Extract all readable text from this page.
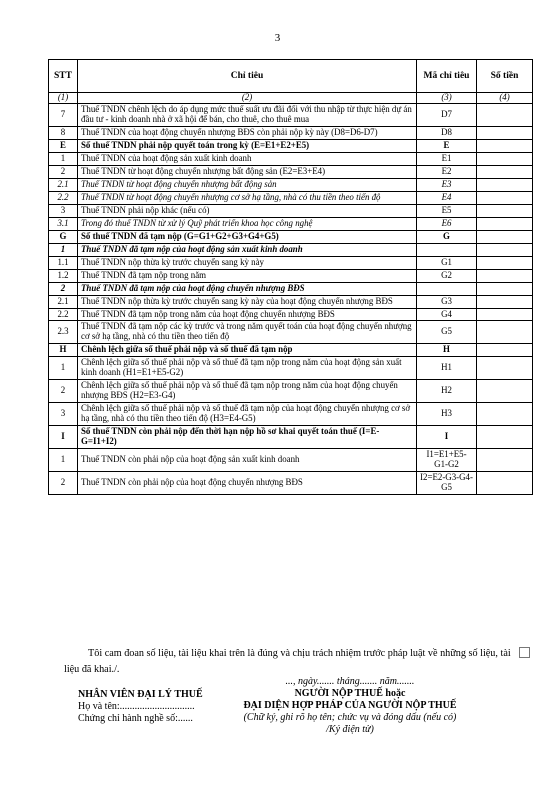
3
STT	Chỉ tiêu	Mã chỉ tiêu	Số tiền
(1)	(2)	(3)	(4)
7	Thuế TNDN chênh lệch do áp dụng mức thuế suất ưu đãi đối với thu nhập từ thực hiện dự án đầu tư - kinh doanh nhà ở xã hội để bán, cho thuê, cho thuê mua	D7	
8	Thuế TNDN của hoạt động chuyển nhượng BĐS còn phải nộp kỳ này (D8=D6-D7)	D8	
E	Số thuế TNDN phải nộp quyết toán trong kỳ (E=E1+E2+E5)	E	
1	Thuế TNDN của hoạt động sản xuất kinh doanh	E1	
2	Thuế TNDN từ hoạt động chuyển nhượng bất động sản (E2=E3+E4)	E2	
2.1	Thuế TNDN từ hoạt động chuyển nhượng bất động sản	E3	
2.2	Thuế TNDN từ hoạt động chuyển nhượng cơ sở hạ tầng, nhà có thu tiền theo tiến độ	E4	
3	Thuế TNDN phải nộp khác (nếu có)	E5	
3.1	Trong đó thuế TNDN từ xử lý Quỹ phát triển khoa học công nghệ	E6	
G	Số thuế TNDN đã tạm nộp (G=G1+G2+G3+G4+G5)	G	
1	Thuế TNDN đã tạm nộp của hoạt động sản xuất kinh doanh		
1.1	Thuế TNDN nộp thừa kỳ trước chuyển sang kỳ này	G1	
1.2	Thuế TNDN đã tạm nộp trong năm	G2	
2	Thuế TNDN đã tạm nộp của hoạt động chuyển nhượng BĐS		
2.1	Thuế TNDN nộp thừa kỳ trước chuyển sang kỳ này của hoạt động chuyển nhượng BĐS	G3	
2.2	Thuế TNDN đã tạm nộp trong năm của hoạt động chuyển nhượng BĐS	G4	
2.3	Thuế TNDN đã tạm nộp các kỳ trước và trong năm quyết toán của hoạt động chuyển nhượng cơ sở hạ tầng, nhà có thu tiền theo tiến độ	G5	
H	Chênh lệch giữa số thuế phải nộp và số thuế đã tạm nộp	H	
1	Chênh lệch giữa số thuế phải nộp và số thuế đã tạm nộp trong năm của hoạt động sản xuất kinh doanh (H1=E1+E5-G2)	H1	
2	Chênh lệch giữa số thuế phải nộp và số thuế đã tạm nộp trong năm của hoạt động chuyển nhượng BĐS (H2=E3-G4)	H2	
3	Chênh lệch giữa số thuế phải nộp và số thuế đã tạm nộp của hoạt động chuyển nhượng cơ sở hạ tầng, nhà có thu tiền theo tiến độ (H3=E4-G5)	H3	
I	Số thuế TNDN còn phải nộp đến thời hạn nộp hồ sơ khai quyết toán thuế (I=E-G=I1+I2)	I	
1	Thuế TNDN còn phải nộp của hoạt động sản xuất kinh doanh	I1=E1+E5-G1-G2	
2	Thuế TNDN còn phải nộp của hoạt động chuyển nhượng BĐS	I2=E2-G3-G4-G5	
Tôi cam đoan số liệu, tài liệu khai trên là đúng và chịu trách nhiệm trước pháp luật về những số liệu, tài liệu đã khai./.
NHÂN VIÊN ĐẠI LÝ THUẾ
Họ và tên:..............................
Chứng chỉ hành nghề số:......
..., ngày....... tháng....... năm.......
NGƯỜI NỘP THUẾ hoặc
ĐẠI DIỆN HỢP PHÁP CỦA NGƯỜI NỘP THUẾ
(Chữ ký, ghi rõ họ tên; chức vụ và đóng dấu (nếu có)
/Ký điện tử)
